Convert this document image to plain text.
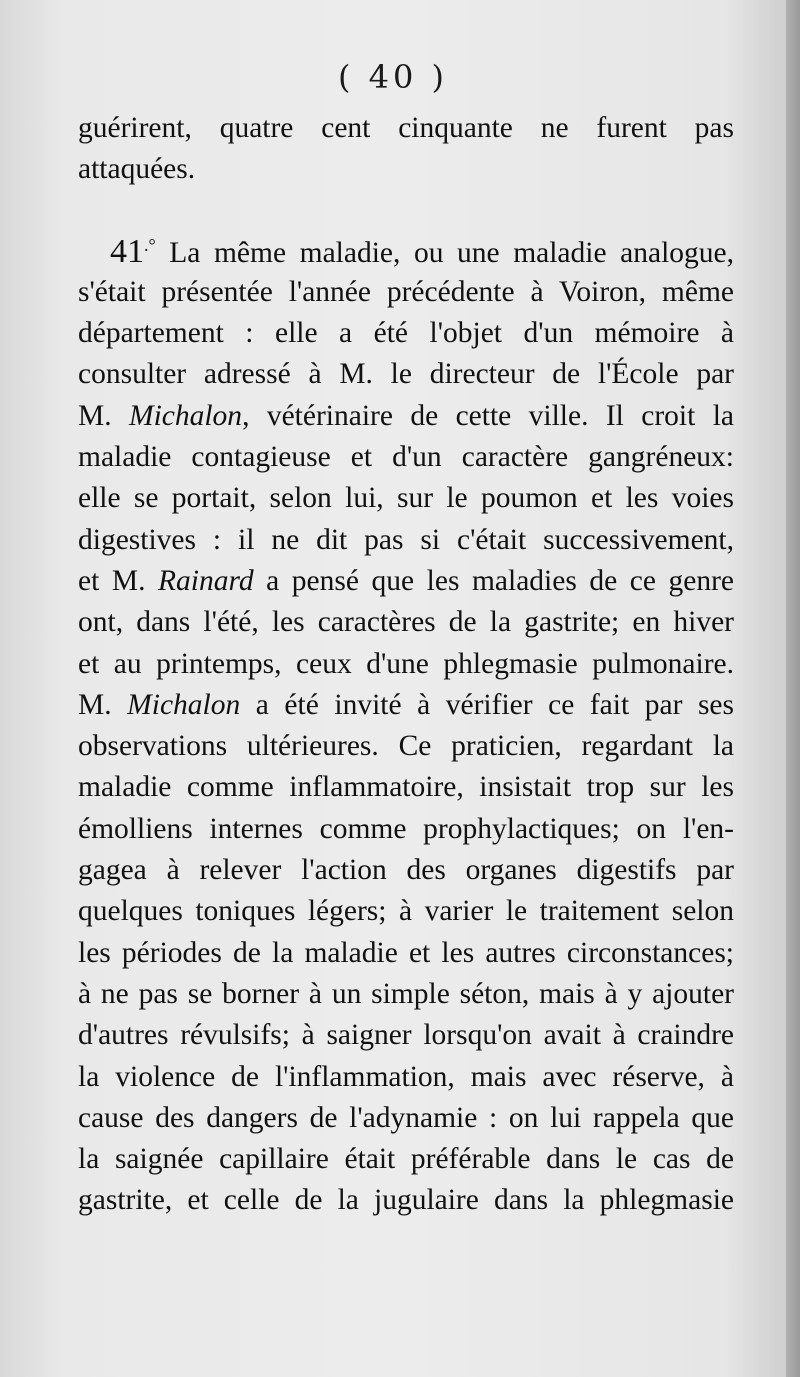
( 40 )
guérirent, quatre cent cinquante ne furent pas
attaquées.
41.° La même maladie, ou une maladie analogue,
s'était présentée l'année précédente à Voiron, même
département : elle a été l'objet d'un mémoire à
consulter adressé à M. le directeur de l'École par
M. Michalon, vétérinaire de cette ville. Il croit la
maladie contagieuse et d'un caractère gangréneux:
elle se portait, selon lui, sur le poumon et les voies
digestives : il ne dit pas si c'était successivement,
et M. Rainard a pensé que les maladies de ce genre
ont, dans l'été, les caractères de la gastrite; en hiver
et au printemps, ceux d'une phlegmasie pulmonaire.
M. Michalon a été invité à vérifier ce fait par ses
observations ultérieures. Ce praticien, regardant la
maladie comme inflammatoire, insistait trop sur les
émolliens internes comme prophylactiques; on l'en-
gagea à relever l'action des organes digestifs par
quelques toniques légers; à varier le traitement selon
les périodes de la maladie et les autres circonstances;
à ne pas se borner à un simple séton, mais à y ajouter
d'autres révulsifs; à saigner lorsqu'on avait à craindre
la violence de l'inflammation, mais avec réserve, à
cause des dangers de l'adynamie : on lui rappela que
la saignée capillaire était préférable dans le cas de
gastrite, et celle de la jugulaire dans la phlegmasie
